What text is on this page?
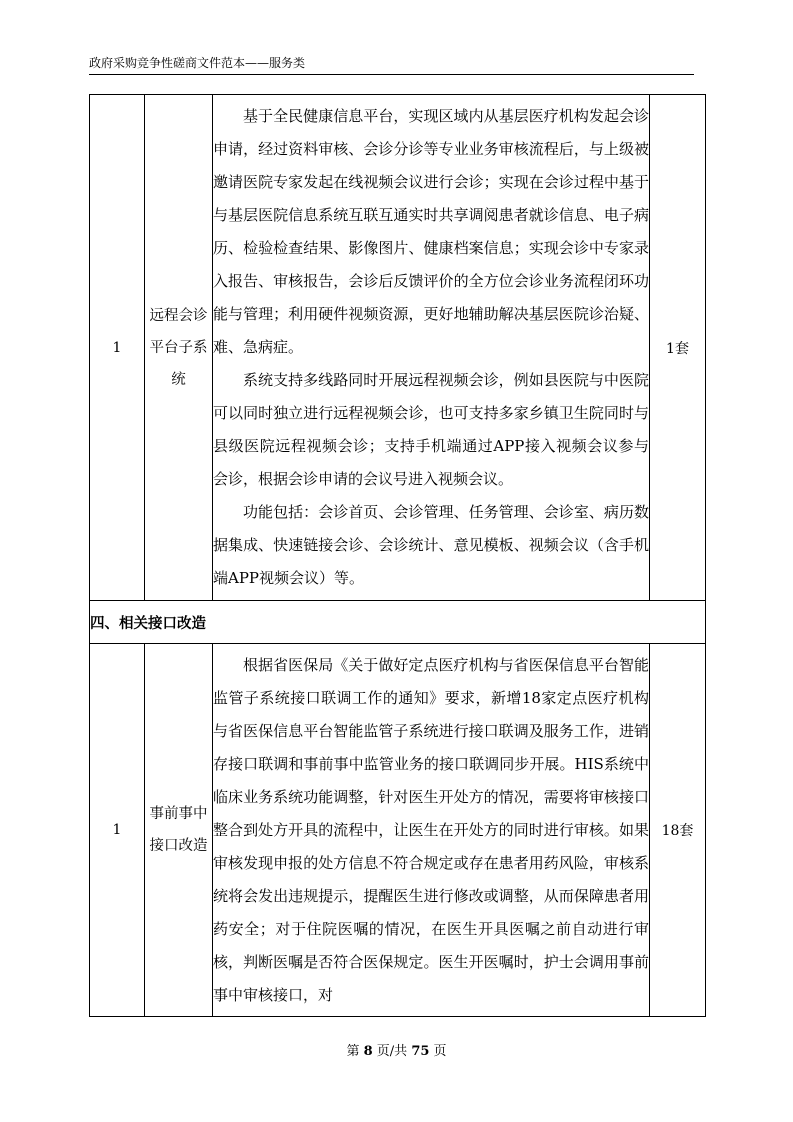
政府采购竞争性磋商文件范本——服务类
1	远程会诊平台子系统	基于全民健康信息平台，实现区域内从基层医疗机构发起会诊申请，经过资料审核、会诊分诊等专业业务审核流程后，与上级被邀请医院专家发起在线视频会议进行会诊；实现在会诊过程中基于与基层医院信息系统互联互通实时共享调阅患者就诊信息、电子病历、检验检查结果、影像图片、健康档案信息；实现会诊中专家录入报告、审核报告，会诊后反馈评价的全方位会诊业务流程闭环功能与管理；利用硬件视频资源，更好地辅助解决基层医院诊治疑、难、急病症。

系统支持多线路同时开展远程视频会诊，例如县医院与中医院可以同时独立进行远程视频会诊，也可支持多家乡镇卫生院同时与县级医院远程视频会诊；支持手机端通过APP接入视频会议参与会诊，根据会诊申请的会议号进入视频会议。

功能包括：会诊首页、会诊管理、任务管理、会诊室、病历数据集成、快速链接会诊、会诊统计、意见模板、视频会议（含手机端APP视频会议）等。	1套
四、相关接口改造			
1	事前事中接口改造	根据省医保局《关于做好定点医疗机构与省医保信息平台智能监管子系统接口联调工作的通知》要求，新增18家定点医疗机构与省医保信息平台智能监管子系统进行接口联调及服务工作，进销存接口联调和事前事中监管业务的接口联调同步开展。HIS系统中临床业务系统功能调整，针对医生开处方的情况，需要将审核接口整合到处方开具的流程中，让医生在开处方的同时进行审核。如果审核发现申报的处方信息不符合规定或存在患者用药风险，审核系统将会发出违规提示，提醒医生进行修改或调整，从而保障患者用药安全；对于住院医嘱的情况，在医生开具医嘱之前自动进行审核，判断医嘱是否符合医保规定。医生开医嘱时，护士会调用事前事中审核接口，对	18套
第 8 页/共 75 页
